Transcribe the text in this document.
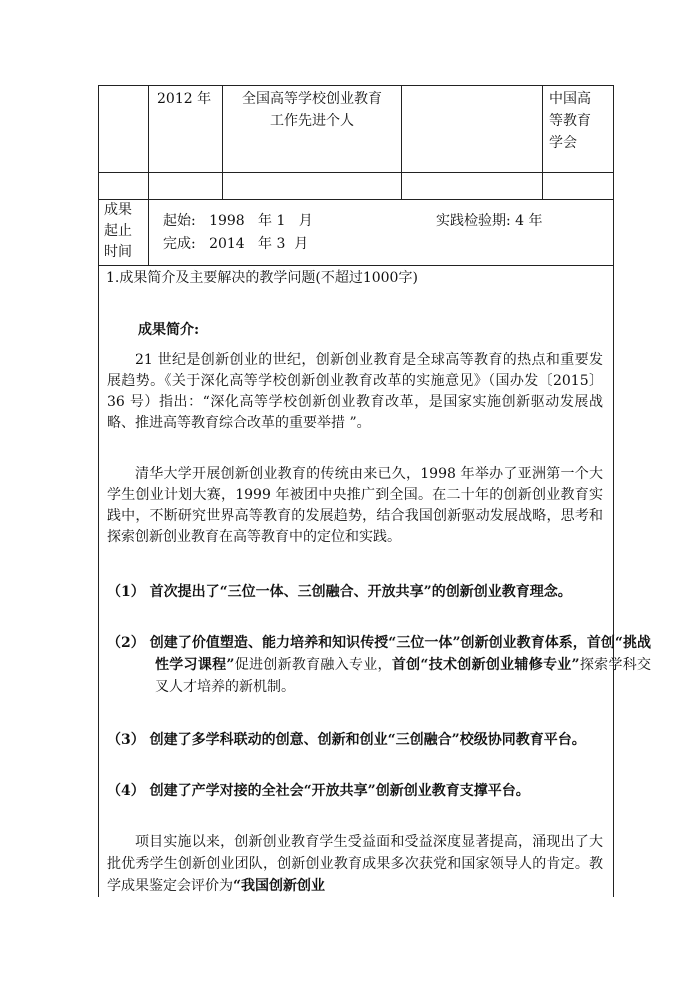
2012 年	全国高等学校创业教育
工作先进个人
中国高
等教育
学会
成果
起止
时间
起始:   1998   年 1   月
完成:   2014   年 3  月
实践检验期: 4 年
1.成果简介及主要解决的教学问题(不超过1000字)
成果简介:
21 世纪是创新创业的世纪，创新创业教育是全球高等教育的热点和重要发展趋势。《关于深化高等学校创新创业教育改革的实施意见》（国办发〔2015〕36 号）指出：“深化高等学校创新创业教育改革，是国家实施创新驱动发展战略、推进高等教育综合改革的重要举措 ”。
清华大学开展创新创业教育的传统由来已久，1998 年举办了亚洲第一个大学生创业计划大赛，1999 年被团中央推广到全国。在二十年的创新创业教育实践中，不断研究世界高等教育的发展趋势，结合我国创新驱动发展战略，思考和探索创新创业教育在高等教育中的定位和实践。
（1） 首次提出了“三位一体、三创融合、开放共享”的创新创业教育理念。
（2） 创建了价值塑造、能力培养和知识传授“三位一体”创新创业教育体系，首创“挑战性学习课程”促进创新教育融入专业，首创“技术创新创业辅修专业”探索学科交叉人才培养的新机制。
（3） 创建了多学科联动的创意、创新和创业“三创融合”校级协同教育平台。
（4） 创建了产学对接的全社会“开放共享”创新创业教育支撑平台。
项目实施以来，创新创业教育学生受益面和受益深度显著提高，涌现出了大批优秀学生创新创业团队，创新创业教育成果多次获党和国家领导人的肯定。教学成果鉴定会评价为“我国创新创业
